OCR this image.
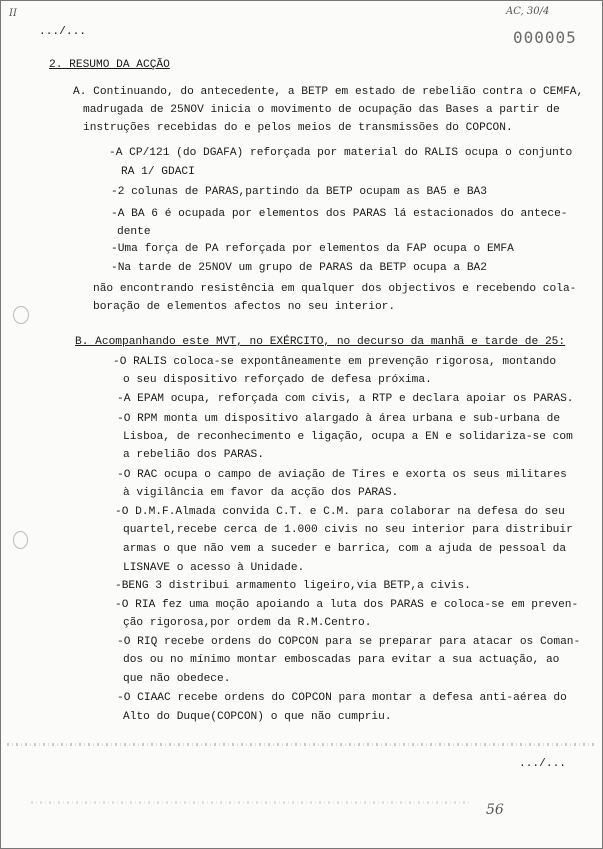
II
.../...
AC, 30/4
000005
2. RESUMO DA ACÇÃO
A. Continuando, do antecedente, a BETP em estado de rebelião contra o CEMFA,
madrugada de 25NOV inicia o movimento de ocupação das Bases a partir de
instruções recebidas do e pelos meios de transmissões do COPCON.
-A CP/121 (do DGAFA) reforçada por material do RALIS ocupa o conjunto
RA 1/ GDACI
-2 colunas de PARAS,partindo da BETP ocupam as BA5 e BA3
-A BA 6 é ocupada por elementos dos PARAS lá estacionados do antece-
dente
-Uma força de PA reforçada por elementos da FAP ocupa o EMFA
-Na tarde de 25NOV um grupo de PARAS da BETP ocupa a BA2
não encontrando resistência em qualquer dos objectivos e recebendo cola-
boração de elementos afectos no seu interior.
B. Acompanhando este MVT, no EXÉRCITO, no decurso da manhã e tarde de 25:
-O RALIS coloca-se expontâneamente em prevenção rigorosa, montando
o seu dispositivo reforçado de defesa próxima.
-A EPAM ocupa, reforçada com civis, a RTP e declara apoiar os PARAS.
-O RPM monta um dispositivo alargado à área urbana e sub-urbana de
Lisboa, de reconhecimento e ligação, ocupa a EN e solidariza-se com
a rebelião dos PARAS.
-O RAC ocupa o campo de aviação de Tires e exorta os seus militares
à vigilância em favor da acção dos PARAS.
-O D.M.F.Almada convida C.T. e C.M. para colaborar na defesa do seu
quartel,recebe cerca de 1.000 civis no seu interior para distribuir
armas o que não vem a suceder e barrica, com a ajuda de pessoal da
LISNAVE o acesso à Unidade.
-BENG 3 distribui armamento ligeiro,via BETP,a civis.
-O RIA fez uma moção apoiando a luta dos PARAS e coloca-se em preven-
ção rigorosa,por ordem da R.M.Centro.
-O RIQ recebe ordens do COPCON para se preparar para atacar os Coman-
dos ou no mínimo montar emboscadas para evitar a sua actuação, ao
que não obedece.
-O CIAAC recebe ordens do COPCON para montar a defesa anti-aérea do
Alto do Duque(COPCON) o que não cumpriu.
.../...
56
